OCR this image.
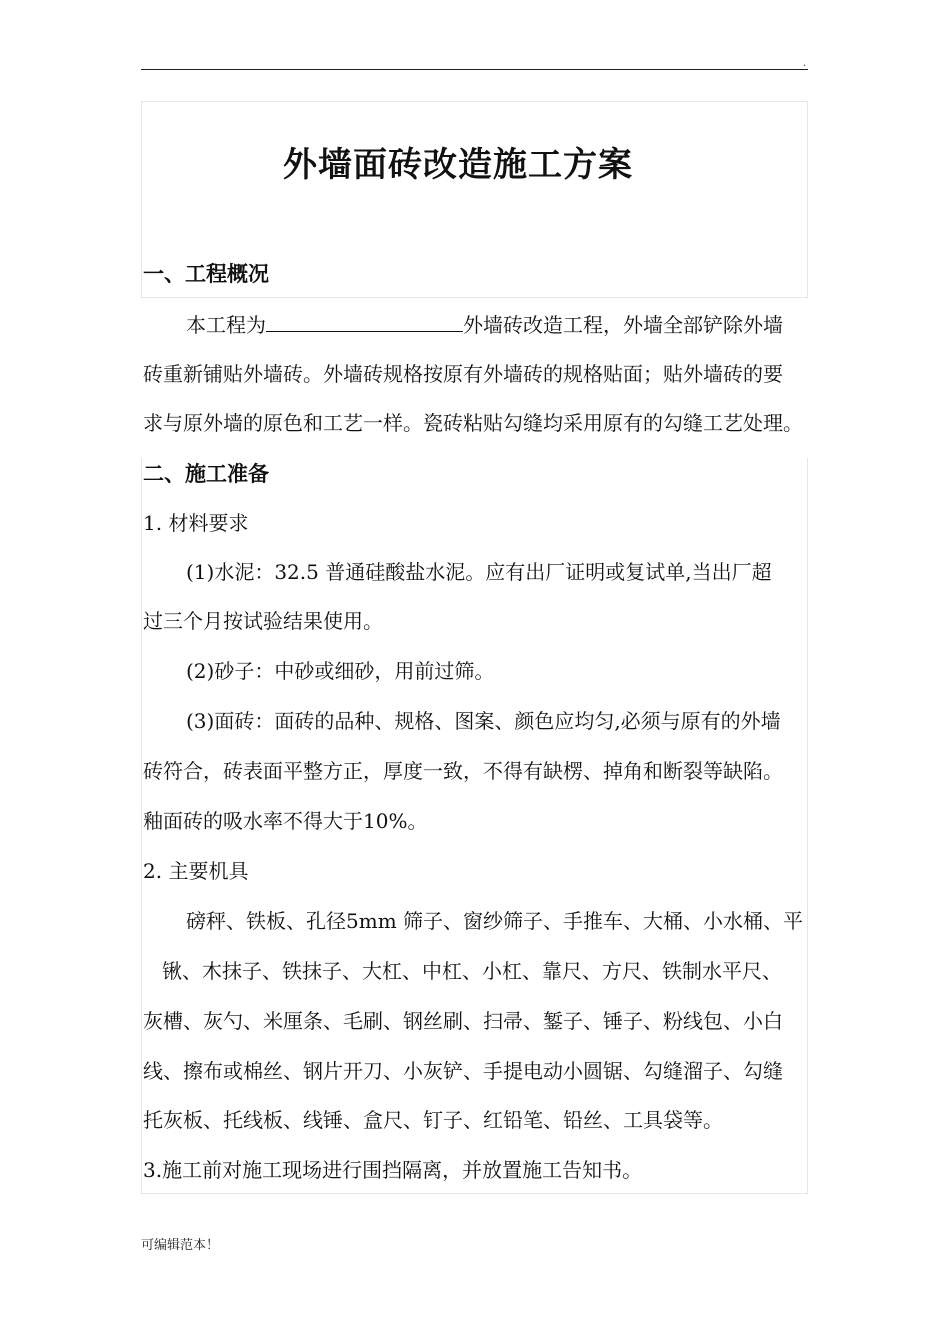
.
外墙面砖改造施工方案
一、工程概况
本工程为	外墙砖改造工程，外墙全部铲除外墙
砖重新铺贴外墙砖。外墙砖规格按原有外墙砖的规格贴面；贴外墙砖的要
求与原外墙的原色和工艺一样。瓷砖粘贴勾缝均采用原有的勾缝工艺处理。
二、施工准备
1. 材料要求
(1)水泥：32.5 普通硅酸盐水泥。应有出厂证明或复试单,当出厂超
过三个月按试验结果使用。
(2)砂子：中砂或细砂，用前过筛。
(3)面砖：面砖的品种、规格、图案、颜色应均匀,必须与原有的外墙
砖符合，砖表面平整方正，厚度一致，不得有缺楞、掉角和断裂等缺陷。
釉面砖的吸水率不得大于10%。
2. 主要机具
磅秤、铁板、孔径5mm 筛子、窗纱筛子、手推车、大桶、小水桶、平
锹、木抹子、铁抹子、大杠、中杠、小杠、靠尺、方尺、铁制水平尺、
灰槽、灰勺、米厘条、毛刷、钢丝刷、扫帚、錾子、锤子、粉线包、小白
线、擦布或棉丝、钢片开刀、小灰铲、手提电动小圆锯、勾缝溜子、勾缝
托灰板、托线板、线锤、盒尺、钉子、红铅笔、铅丝、工具袋等。
3.施工前对施工现场进行围挡隔离，并放置施工告知书。
可编辑范本！
